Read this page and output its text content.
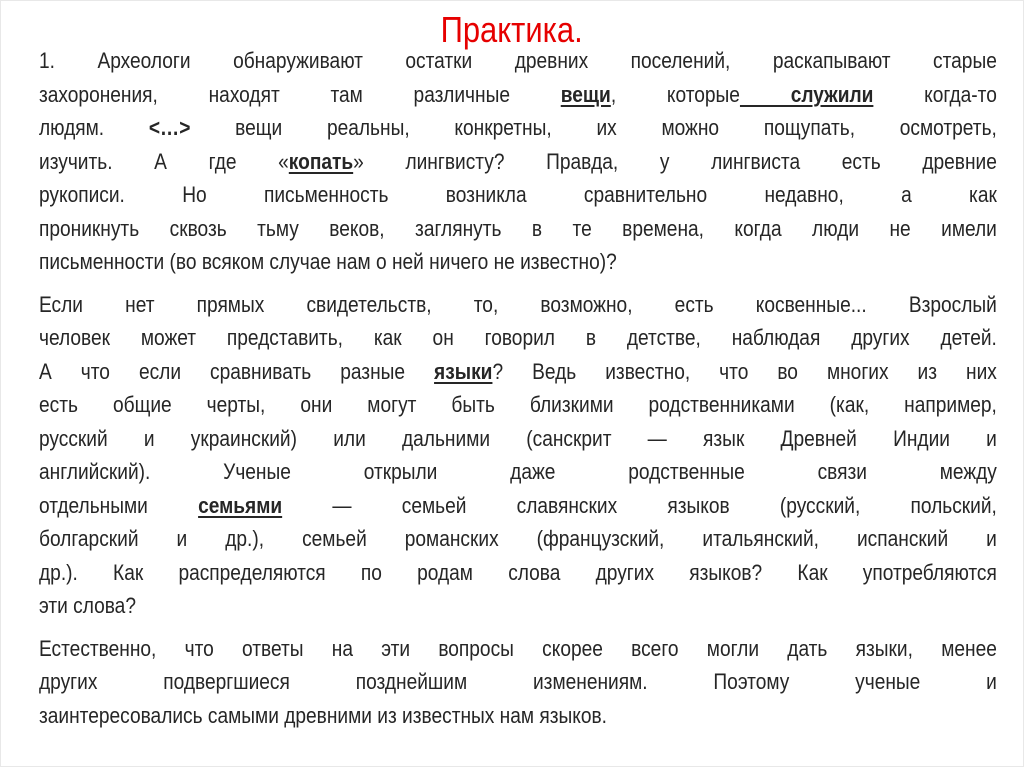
Практика.
1. Археологи обнаруживают остатки древних поселений, раскапывают старые
захоронения, находят там различные вещи, которые служили когда-то
людям. <…> вещи реальны, конкретны, их можно пощупать, осмотреть,
изучить. А где «копать» лингвисту? Правда, у лингвиста есть древние
рукописи. Но письменность возникла сравнительно недавно, а как
проникнуть сквозь тьму веков, заглянуть в те времена, когда люди не имели
письменности (во всяком случае нам о ней ничего не известно)?
Если нет прямых свидетельств, то, возможно, есть косвенные... Взрослый
человек может представить, как он говорил в детстве, наблюдая других детей.
А что если сравнивать разные языки? Ведь известно, что во многих из них
есть общие черты, они могут быть близкими родственниками (как, например,
русский и украинский) или дальними (санскрит — язык Древней Индии и
английский). Ученые открыли даже родственные связи между
отдельными семьями — семьей славянских языков (русский, польский,
болгарский и др.), семьей романских (французский, итальянский, испанский и
др.). Как распределяются по родам слова других языков? Как употребляются
эти слова?
Естественно, что ответы на эти вопросы скорее всего могли дать языки, менее
других подвергшиеся позднейшим изменениям. Поэтому ученые и
заинтересовались самыми древними из известных нам языков.
